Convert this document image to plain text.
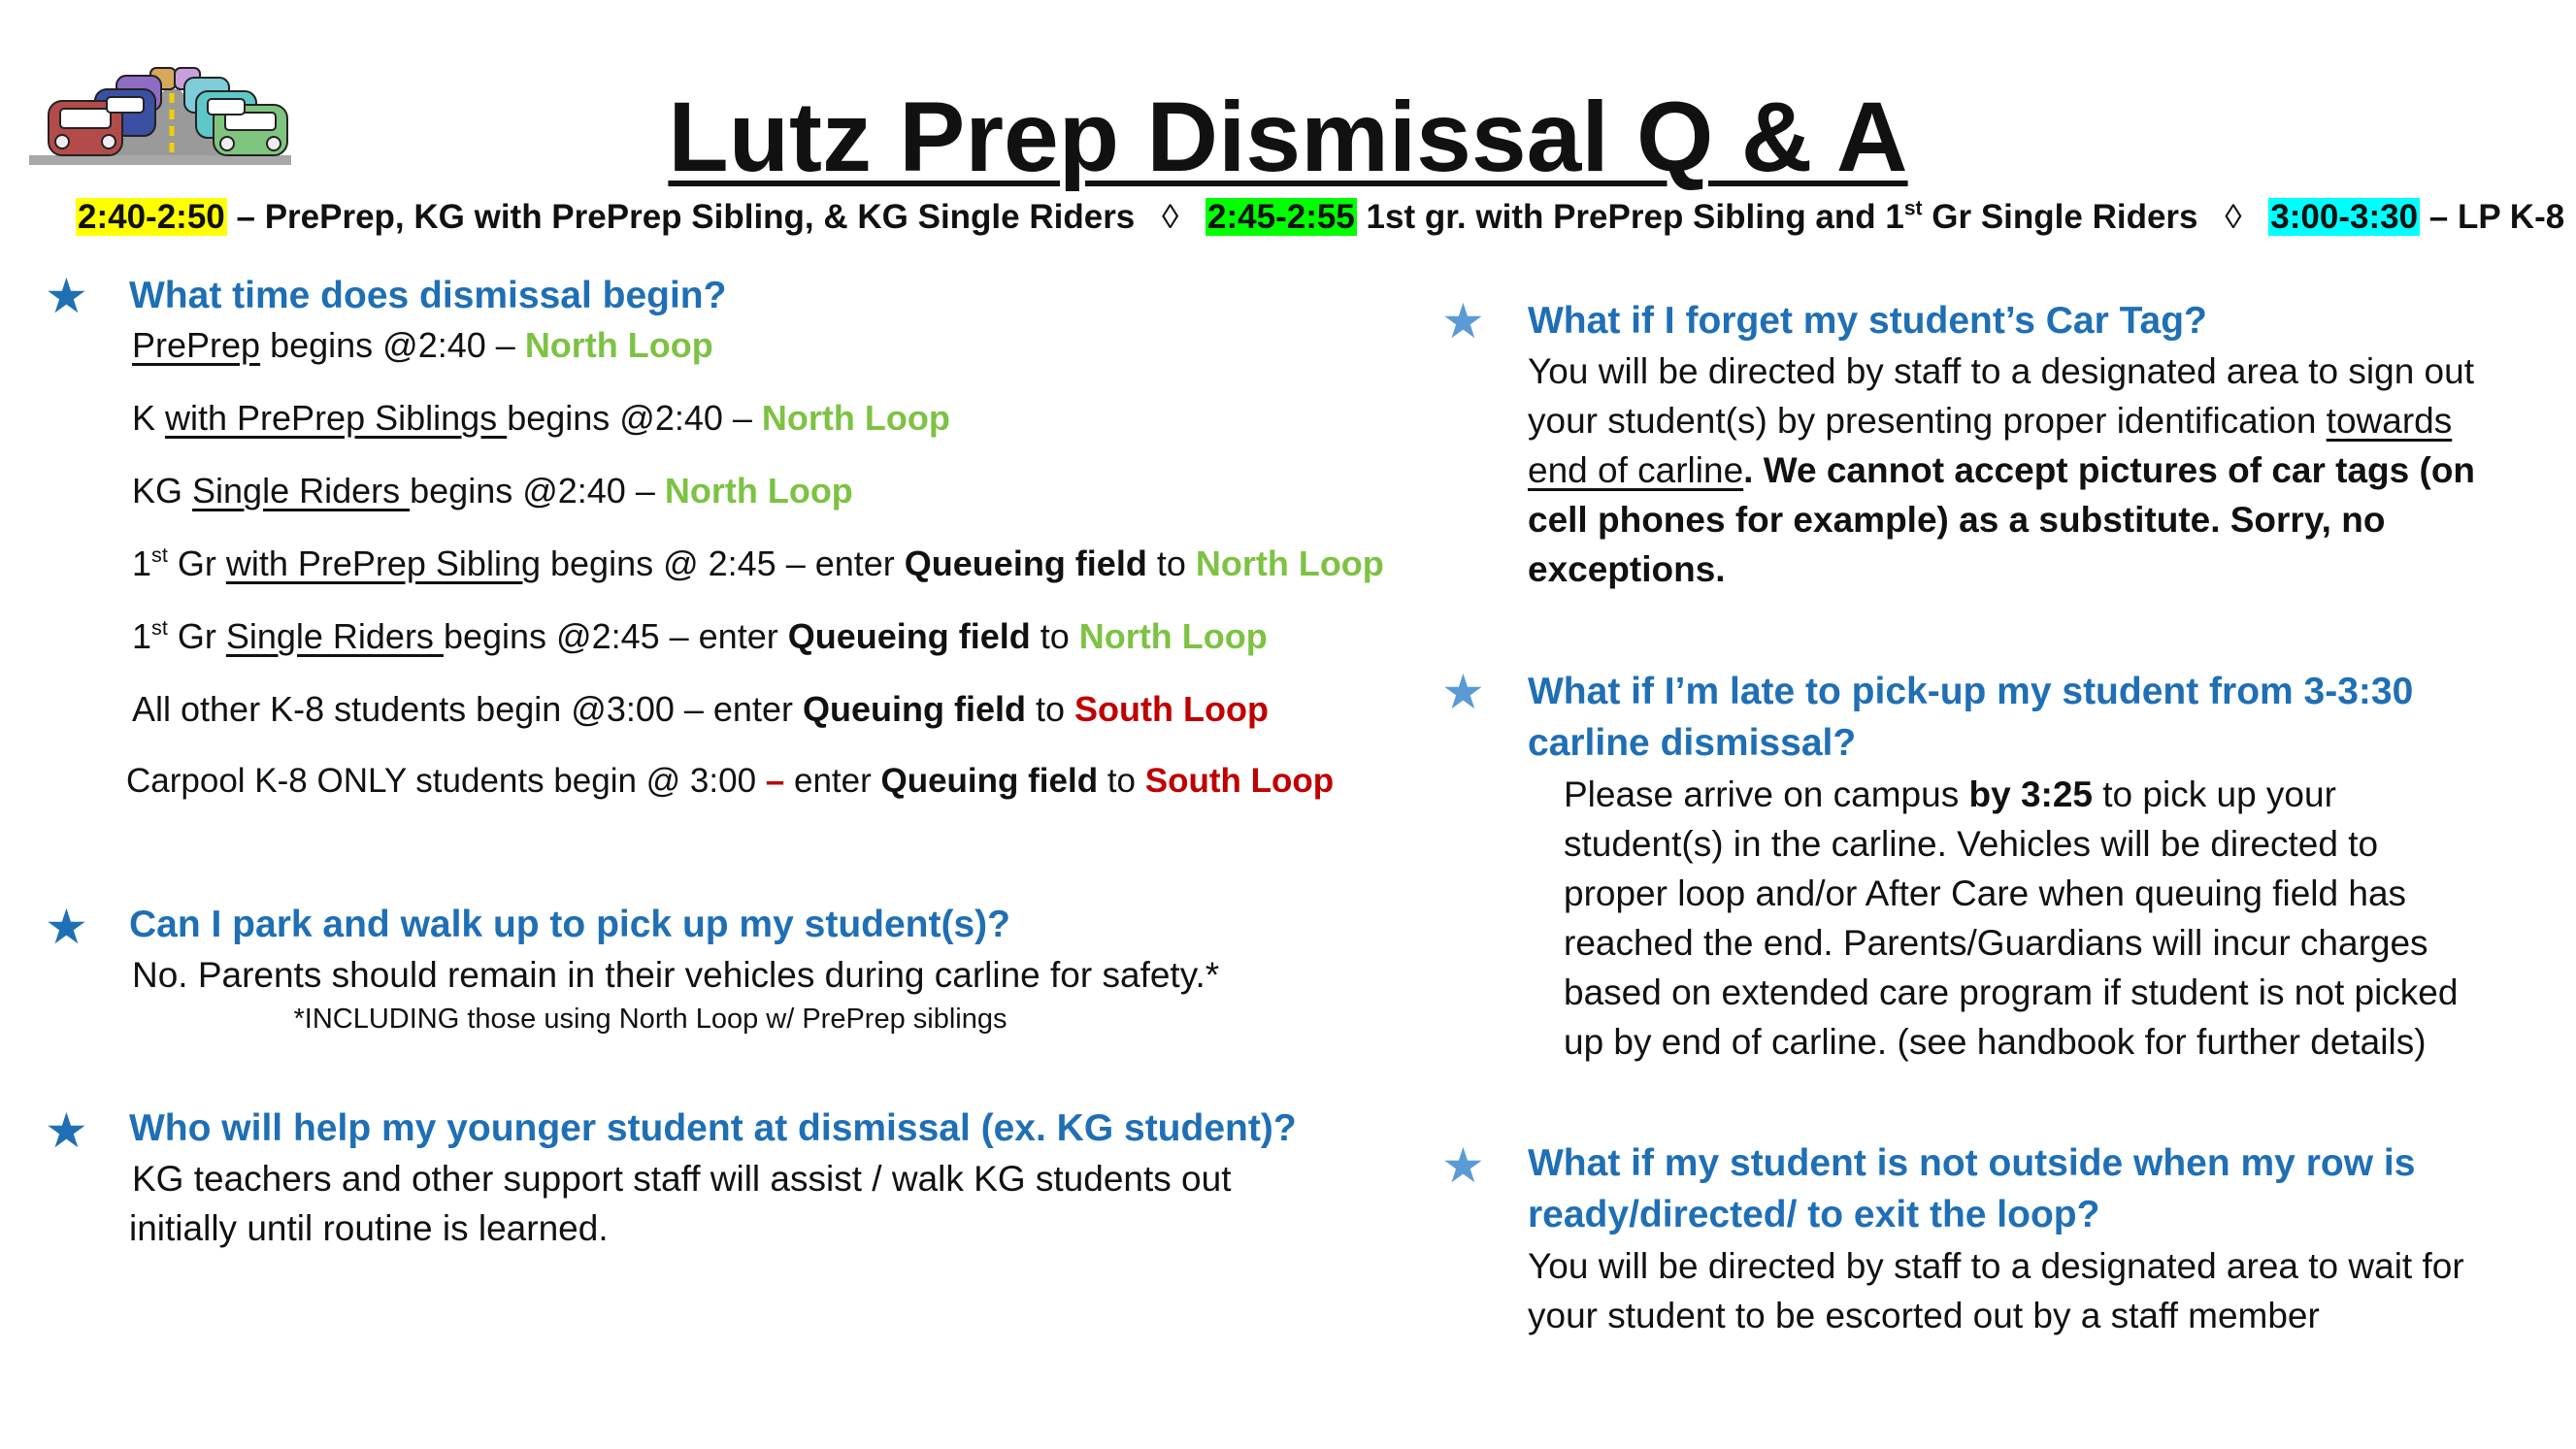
Lutz Prep Dismissal Q & A
2:40-2:50 – PrePrep, KG with PrePrep Sibling, & KG Single Riders ◊ 2:45-2:55 1st gr. with PrePrep Sibling and 1st Gr Single Riders ◊ 3:00-3:30 – LP K-8
★ What time does dismissal begin?
PrePrep begins @2:40 – North Loop
K with PrePrep Siblings begins @2:40 – North Loop
KG Single Riders begins @2:40 – North Loop
1st Gr with PrePrep Sibling begins @ 2:45 – enter Queueing field to North Loop
1st Gr Single Riders begins @2:45 – enter Queueing field to North Loop
All other K-8 students begin @3:00 – enter Queuing field to South Loop
Carpool K-8 ONLY students begin @ 3:00 – enter Queuing field to South Loop
★ Can I park and walk up to pick up my student(s)?
No. Parents should remain in their vehicles during carline for safety.*
*INCLUDING those using North Loop w/ PrePrep siblings
★ Who will help my younger student at dismissal (ex. KG student)?
KG teachers and other support staff will assist / walk KG students out
initially until routine is learned.
★ What if I forget my student’s Car Tag?
You will be directed by staff to a designated area to sign out
your student(s) by presenting proper identification towards
end of carline. We cannot accept pictures of car tags (on
cell phones for example) as a substitute. Sorry, no
exceptions.
★ What if I’m late to pick-up my student from 3-3:30
carline dismissal?
Please arrive on campus by 3:25 to pick up your
student(s) in the carline. Vehicles will be directed to
proper loop and/or After Care when queuing field has
reached the end. Parents/Guardians will incur charges
based on extended care program if student is not picked
up by end of carline. (see handbook for further details)
★ What if my student is not outside when my row is
ready/directed/ to exit the loop?
You will be directed by staff to a designated area to wait for
your student to be escorted out by a staff member
